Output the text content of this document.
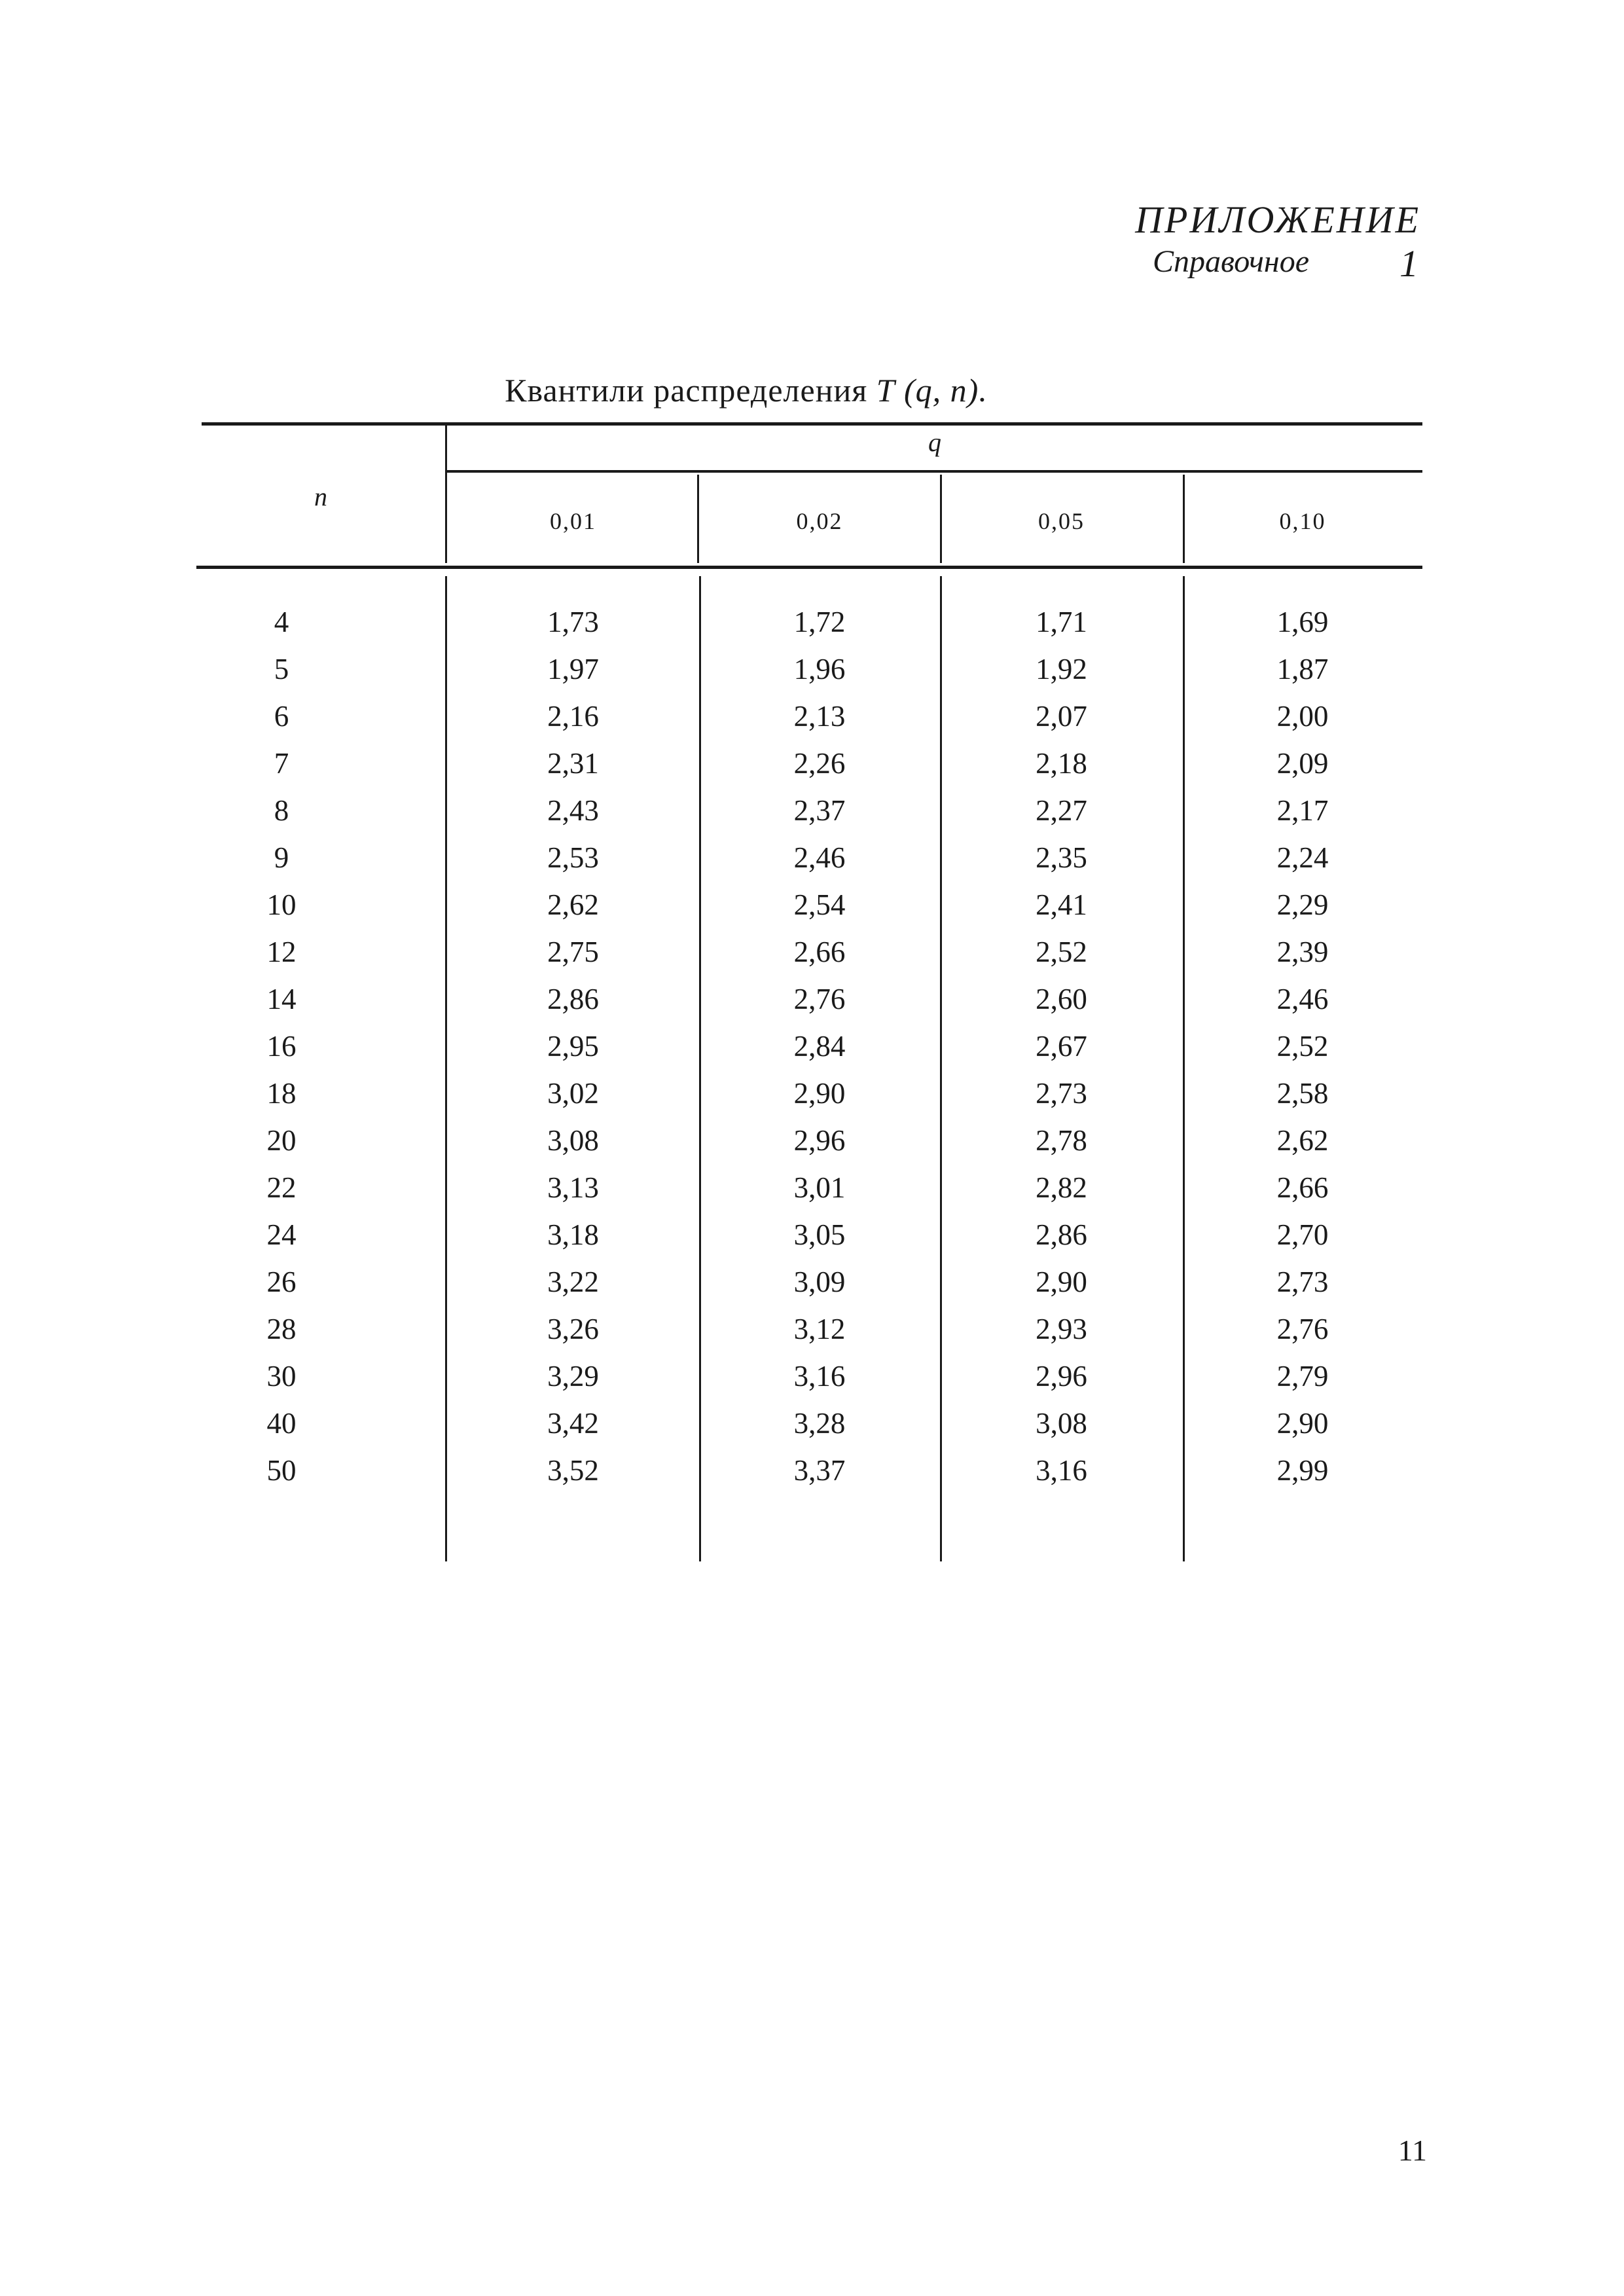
ПРИЛОЖЕНИЕ 1
Справочное
Квантили распределения T (q, n).
n
q
0,01	0,02	0,05	0,10
4	1,73	1,72	1,71	1,69
5	1,97	1,96	1,92	1,87
6	2,16	2,13	2,07	2,00
7	2,31	2,26	2,18	2,09
8	2,43	2,37	2,27	2,17
9	2,53	2,46	2,35	2,24
10	2,62	2,54	2,41	2,29
12	2,75	2,66	2,52	2,39
14	2,86	2,76	2,60	2,46
16	2,95	2,84	2,67	2,52
18	3,02	2,90	2,73	2,58
20	3,08	2,96	2,78	2,62
22	3,13	3,01	2,82	2,66
24	3,18	3,05	2,86	2,70
26	3,22	3,09	2,90	2,73
28	3,26	3,12	2,93	2,76
30	3,29	3,16	2,96	2,79
40	3,42	3,28	3,08	2,90
50	3,52	3,37	3,16	2,99
11
